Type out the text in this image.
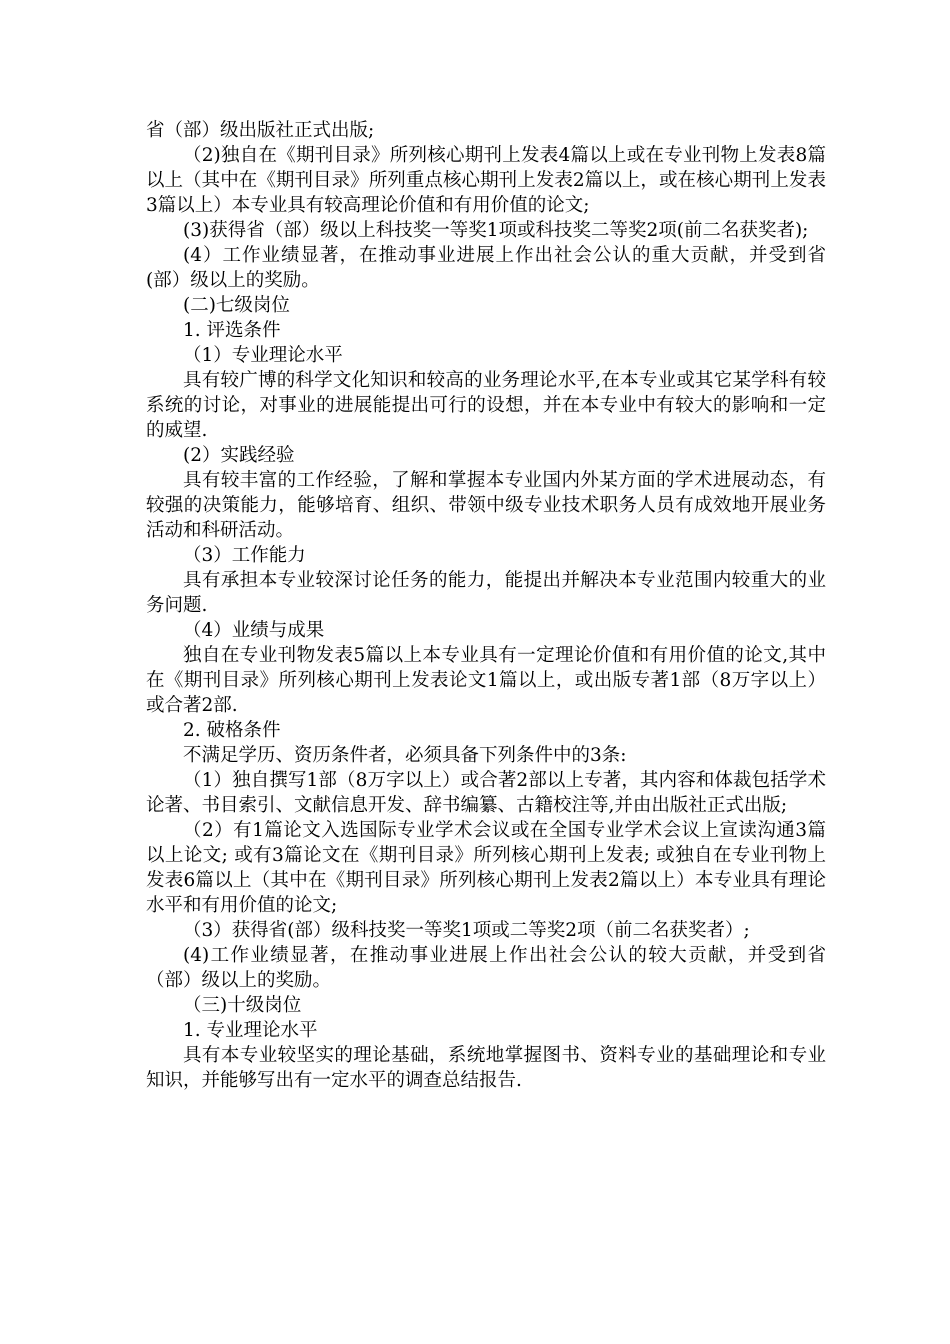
省（部）级出版社正式出版;

（2)独自在《期刊目录》所列核心期刊上发表4篇以上或在专业刊物上发表8篇以上（其中在《期刊目录》所列重点核心期刊上发表2篇以上，或在核心期刊上发表3篇以上）本专业具有较高理论价值和有用价值的论文;

(3)获得省（部）级以上科技奖一等奖1项或科技奖二等奖2项(前二名获奖者);

(4）工作业绩显著，在推动事业进展上作出社会公认的重大贡献，并受到省(部）级以上的奖励。

(二)七级岗位

1. 评选条件

（1）专业理论水平

具有较广博的科学文化知识和较高的业务理论水平,在本专业或其它某学科有较系统的讨论，对事业的进展能提出可行的设想，并在本专业中有较大的影响和一定的威望.

(2）实践经验

具有较丰富的工作经验，了解和掌握本专业国内外某方面的学术进展动态，有较强的决策能力，能够培育、组织、带领中级专业技术职务人员有成效地开展业务活动和科研活动。

（3）工作能力

具有承担本专业较深讨论任务的能力，能提出并解决本专业范围内较重大的业务问题.

（4）业绩与成果

独自在专业刊物发表5篇以上本专业具有一定理论价值和有用价值的论文,其中在《期刊目录》所列核心期刊上发表论文1篇以上，或出版专著1部（8万字以上）或合著2部.

2. 破格条件

不满足学历、资历条件者，必须具备下列条件中的3条:

（1）独自撰写1部（8万字以上）或合著2部以上专著，其内容和体裁包括学术论著、书目索引、文献信息开发、辞书编纂、古籍校注等,并由出版社正式出版;

（2）有1篇论文入选国际专业学术会议或在全国专业学术会议上宣读沟通3篇以上论文; 或有3篇论文在《期刊目录》所列核心期刊上发表; 或独自在专业刊物上发表6篇以上（其中在《期刊目录》所列核心期刊上发表2篇以上）本专业具有理论水平和有用价值的论文;

（3）获得省(部）级科技奖一等奖1项或二等奖2项（前二名获奖者）;

(4)工作业绩显著，在推动事业进展上作出社会公认的较大贡献，并受到省（部）级以上的奖励。

（三)十级岗位

1. 专业理论水平

具有本专业较坚实的理论基础，系统地掌握图书、资料专业的基础理论和专业知识，并能够写出有一定水平的调查总结报告.
